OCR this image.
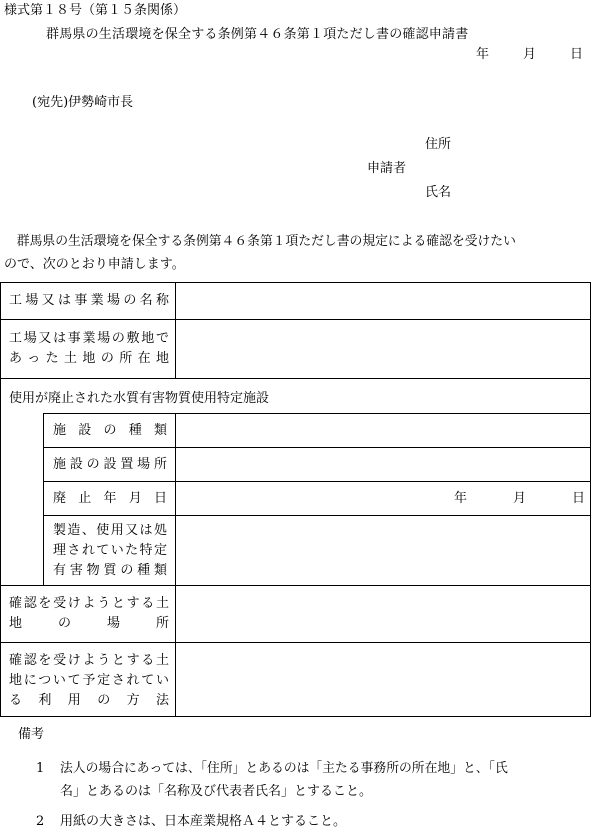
様式第１８号（第１５条関係）
群馬県の生活環境を保全する条例第４６条第１項ただし書の確認申請書
年	月	日
(宛先)伊勢崎市長
住所
申請者
氏名
　群馬県の生活環境を保全する条例第４６条第１項ただし書の規定による確認を受けたい
ので、次のとおり申請します。
工場又は事業場の名称
工場又は事業場の敷地で
あった土地の所在地
使用が廃止された水質有害物質使用特定施設
施設の種類
施設の設置場所
廃止年月日	年	月	日
製造、使用又は処
理されていた特定
有害物質の種類
確認を受けようとする土
地の場所
確認を受けようとする土
地について予定されてい
る利用の方法
備考
1 法人の場合にあっては、「住所」とあるのは「主たる事務所の所在地」と、「氏
名」とあるのは「名称及び代表者氏名」とすること。
2 用紙の大きさは、日本産業規格Ａ４とすること。
